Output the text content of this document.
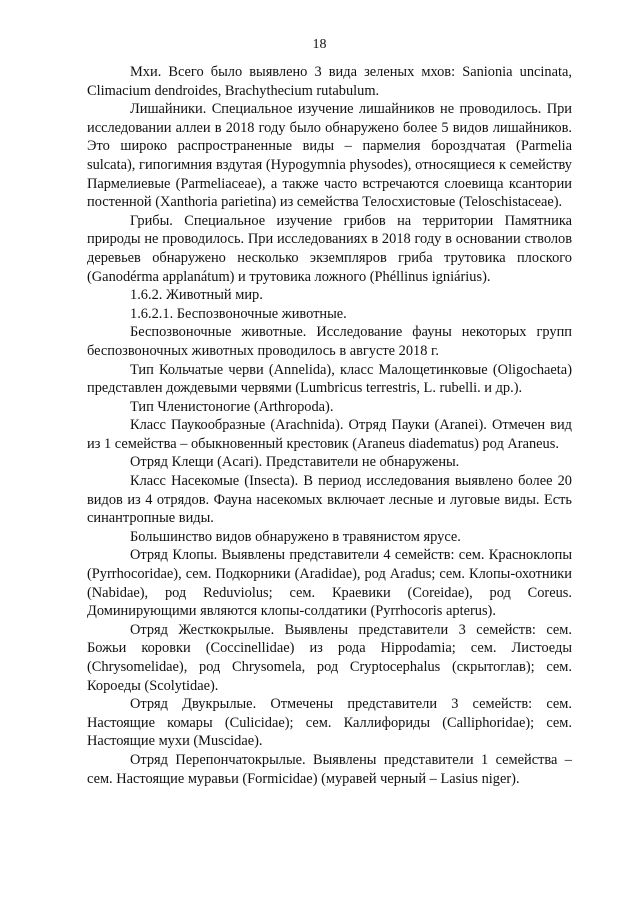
18

Мхи. Всего было выявлено 3 вида зеленых мхов: Sanionia uncinata, Climacium dendroides, Brachythecium rutabulum.

Лишайники. Специальное изучение лишайников не проводилось. При исследовании аллеи в 2018 году было обнаружено более 5 видов лишайников. Это широко распространенные виды – пармелия бороздчатая (Parmelia sulcata), гипогимния вздутая (Hypogymnia physodes), относящиеся к семейству Пармелиевые (Parmeliaceae), а также часто встречаются слоевища ксантории постенной (Xanthoria parietina) из семейства Телосхистовые (Teloschistaceae).

Грибы. Специальное изучение грибов на территории Памятника природы не проводилось. При исследованиях в 2018 году в основании стволов деревьев обнаружено несколько экземпляров гриба трутовика плоского (Ganodérma applanátum) и трутовика ложного (Phéllinus igniárius).

1.6.2. Животный мир.

1.6.2.1. Беспозвоночные животные.

Беспозвоночные животные. Исследование фауны некоторых групп беспозвоночных животных проводилось в августе 2018 г.

Тип Кольчатые черви (Annelida), класс Малощетинковые (Oligochaeta) представлен дождевыми червями (Lumbricus terrestris, L. rubelli. и др.).

Тип Членистоногие (Arthropoda).

Класс Паукообразные (Arachnida). Отряд Пауки (Aranei). Отмечен вид из 1 семейства – обыкновенный крестовик (Araneus diadematus) род Araneus.

Отряд Клещи (Acari). Представители не обнаружены.

Класс Насекомые (Insecta). В период исследования выявлено более 20 видов из 4 отрядов. Фауна насекомых включает лесные и луговые виды. Есть синантропные виды.

Большинство видов обнаружено в травянистом ярусе.

Отряд Клопы. Выявлены представители 4 семейств: сем. Красноклопы (Pyrrhocoridae), сем. Подкорники (Aradidae), род Aradus; сем. Клопы-охотники (Nabidae), род Reduviolus; сем. Краевики (Coreidae), род Coreus. Доминирующими являются клопы-солдатики (Pyrrhocoris apterus).

Отряд Жесткокрылые. Выявлены представители 3 семейств: сем. Божьи коровки (Coccinellidae) из рода Hippodamia; сем. Листоеды (Chrysomelidae), род Chrysomela, род Cryptocephalus (скрытоглав); сем. Короеды (Scolytidae).

Отряд Двукрылые. Отмечены представители 3 семейств: сем. Настоящие комары (Culicidae); сем. Каллифориды (Calliphoridae); сем. Настоящие мухи (Muscidae).

Отряд Перепончатокрылые. Выявлены представители 1 семейства – сем. Настоящие муравьи (Formicidae) (муравей черный – Lasius niger).
